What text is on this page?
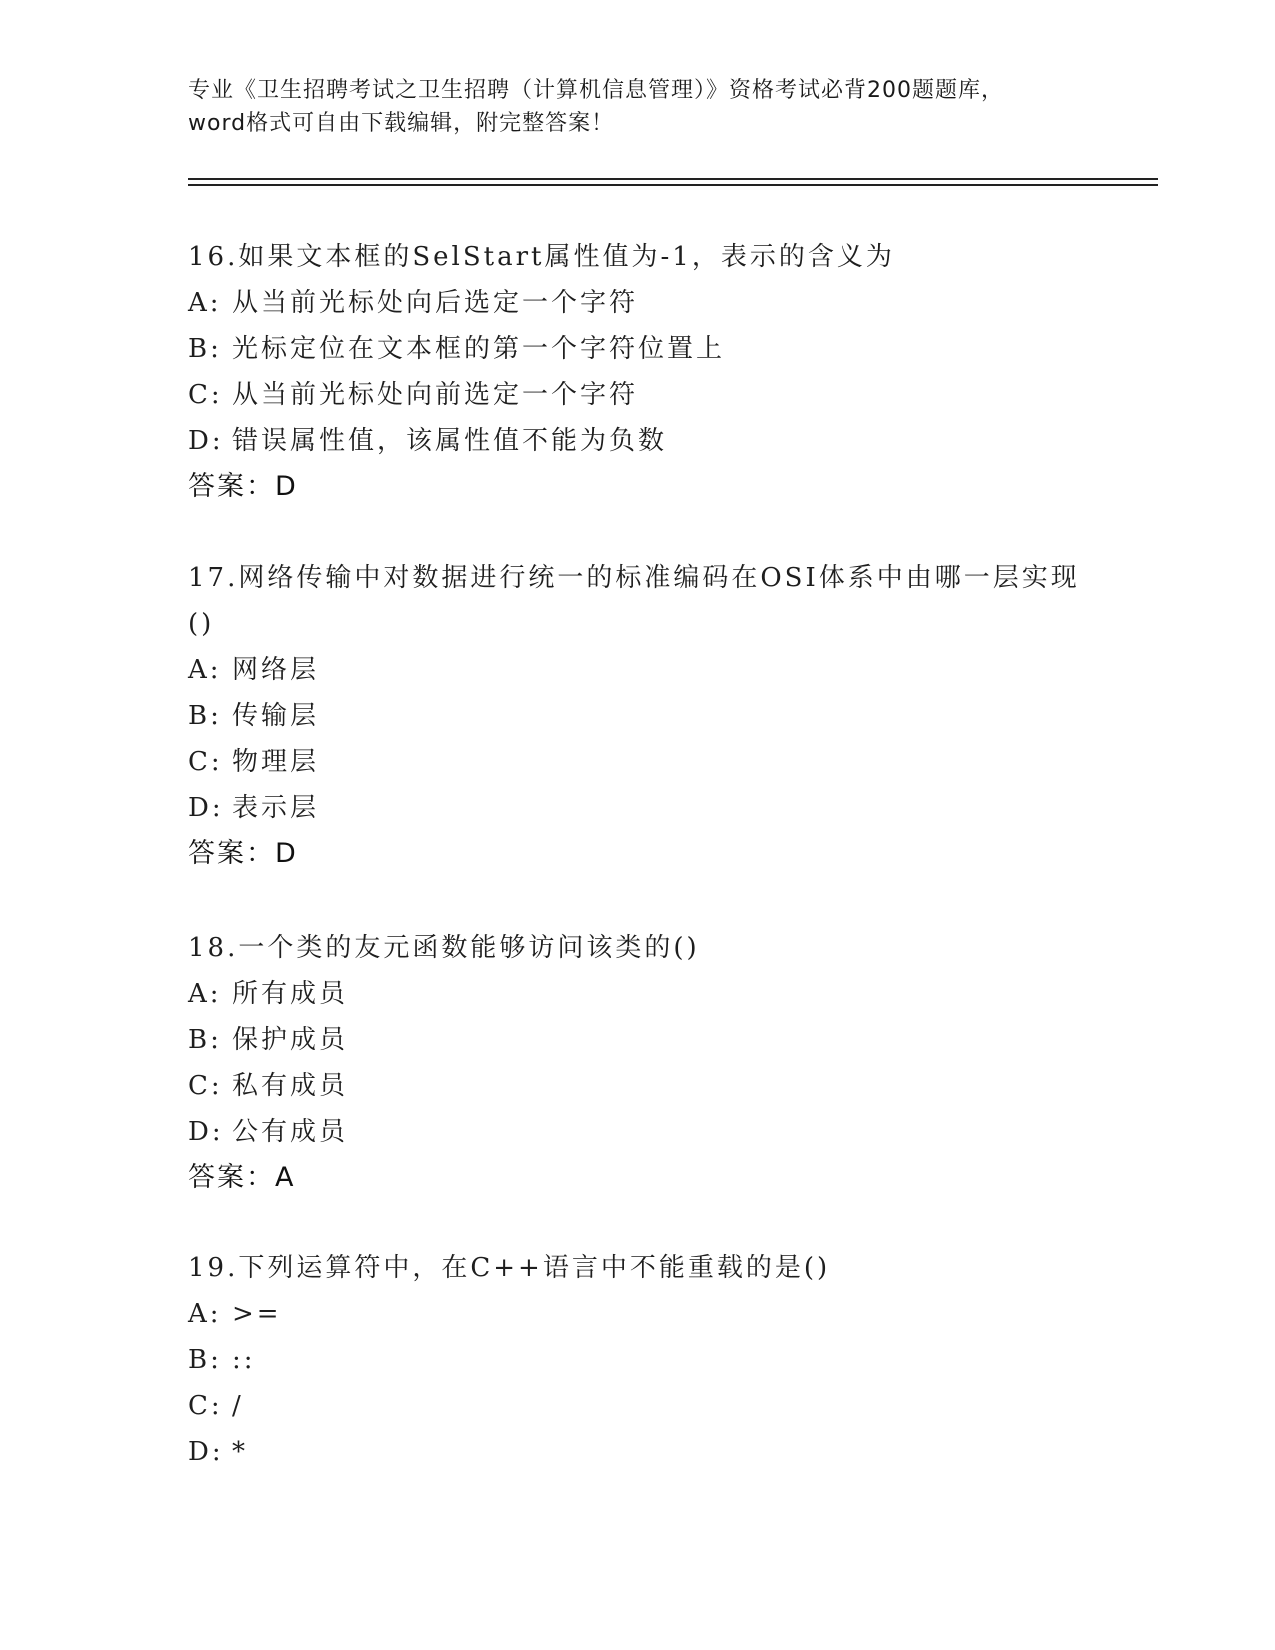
专业《卫生招聘考试之卫生招聘（计算机信息管理）》资格考试必背200题题库，
word格式可自由下载编辑，附完整答案！
16.如果文本框的SelStart属性值为-1，表示的含义为
A: 从当前光标处向后选定一个字符
B: 光标定位在文本框的第一个字符位置上
C: 从当前光标处向前选定一个字符
D: 错误属性值，该属性值不能为负数
答案：D
17.网络传输中对数据进行统一的标准编码在OSI体系中由哪一层实现()
A: 网络层
B: 传输层
C: 物理层
D: 表示层
答案：D
18.一个类的友元函数能够访问该类的()
A: 所有成员
B: 保护成员
C: 私有成员
D: 公有成员
答案：A
19.下列运算符中，在C++语言中不能重载的是()
A: >=
B: ::
C: /
D: *
